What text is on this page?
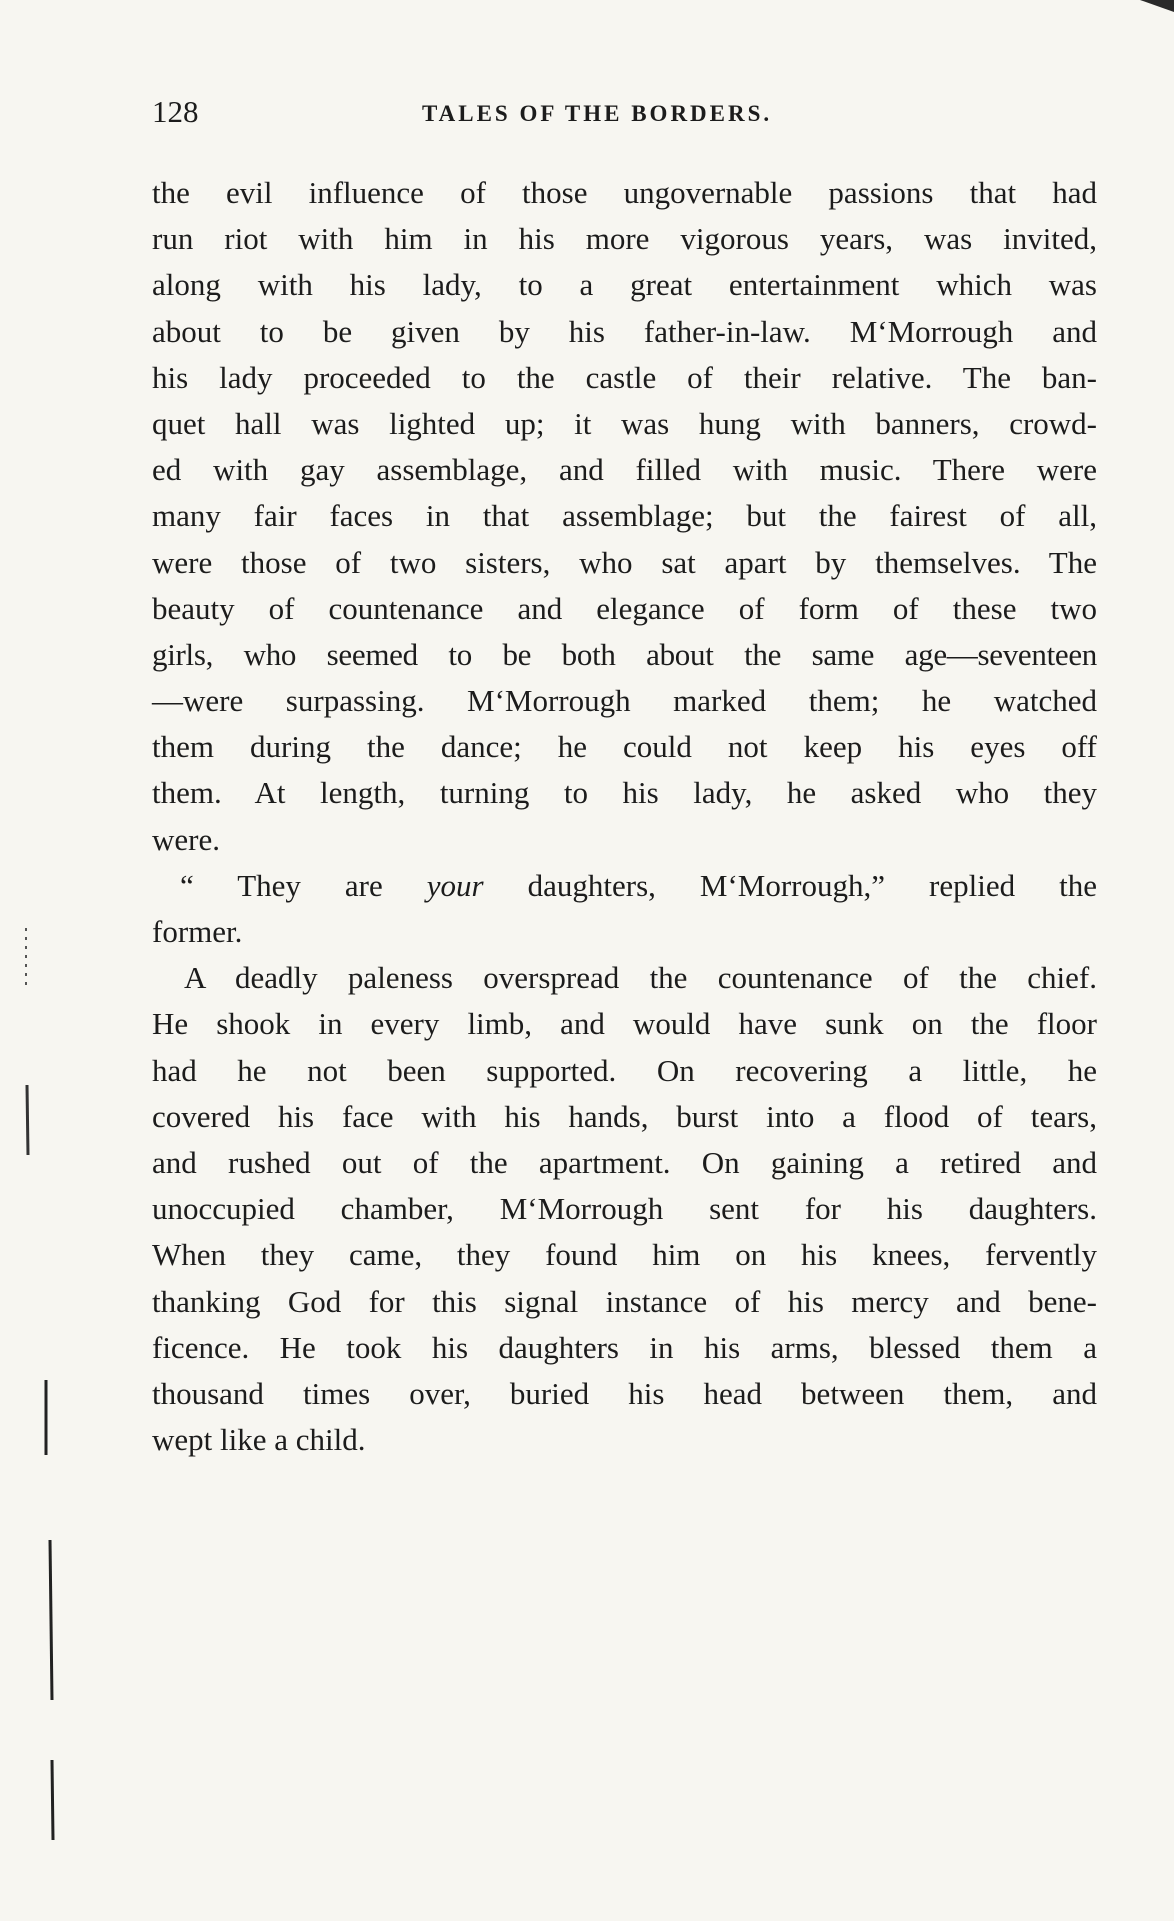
128	TALES OF THE BORDERS.
the evil influence of those ungovernable passions that had
run riot with him in his more vigorous years, was invited,
along with his lady, to a great entertainment which was
about to be given by his father-in-law. M‘Morrough and
his lady proceeded to the castle of their relative. The ban-
quet hall was lighted up; it was hung with banners, crowd-
ed with gay assemblage, and filled with music. There were
many fair faces in that assemblage; but the fairest of all,
were those of two sisters, who sat apart by themselves. The
beauty of countenance and elegance of form of these two
girls, who seemed to be both about the same age—seventeen
—were surpassing. M‘Morrough marked them; he watched
them during the dance; he could not keep his eyes off
them. At length, turning to his lady, he asked who they
were.
“ They are your daughters, M‘Morrough,” replied the
former.
A deadly paleness overspread the countenance of the chief.
He shook in every limb, and would have sunk on the floor
had he not been supported. On recovering a little, he
covered his face with his hands, burst into a flood of tears,
and rushed out of the apartment. On gaining a retired and
unoccupied chamber, M‘Morrough sent for his daughters.
When they came, they found him on his knees, fervently
thanking God for this signal instance of his mercy and bene-
ficence. He took his daughters in his arms, blessed them a
thousand times over, buried his head between them, and
wept like a child.
